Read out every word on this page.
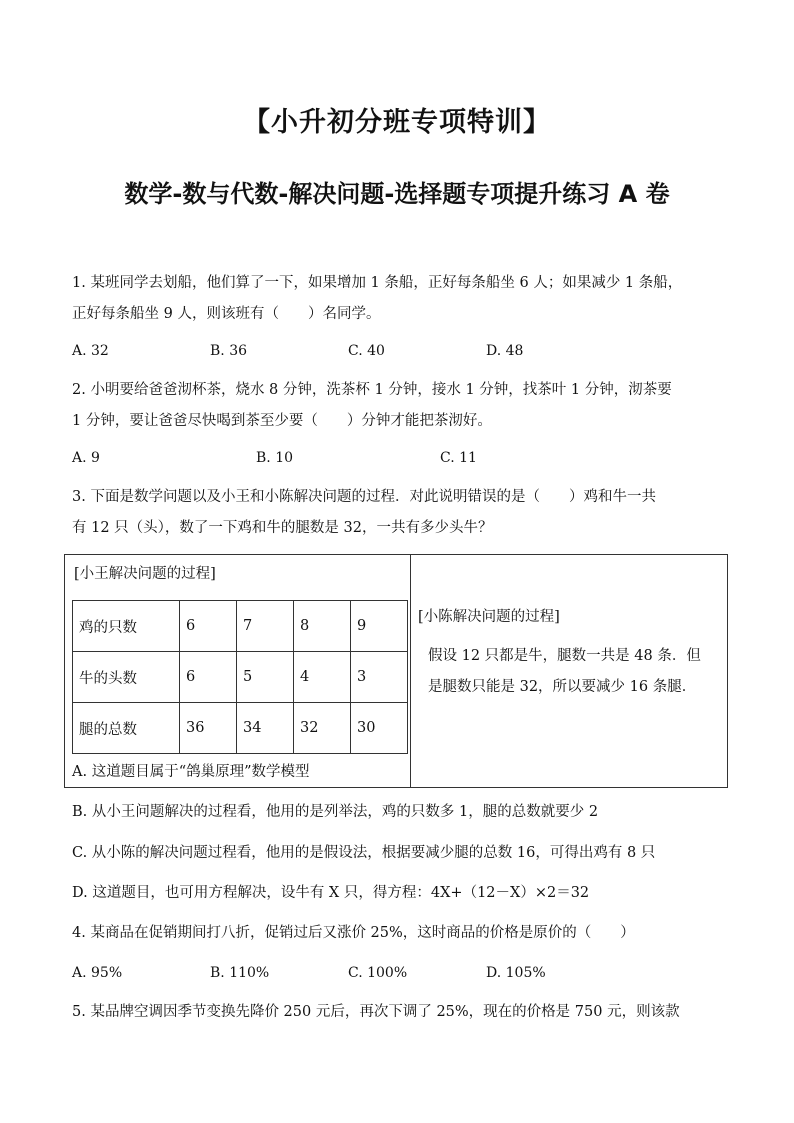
【小升初分班专项特训】
数学-数与代数-解决问题-选择题专项提升练习 A 卷
1. 某班同学去划船，他们算了一下，如果增加 1 条船，正好每条船坐 6 人；如果减少 1 条船，
正好每条船坐 9 人，则该班有（　　）名同学。
A. 32	B. 36	C. 40	D. 48
2. 小明要给爸爸沏杯茶，烧水 8 分钟，洗茶杯 1 分钟，接水 1 分钟，找茶叶 1 分钟，沏茶要
1 分钟，要让爸爸尽快喝到茶至少要（　　）分钟才能把茶沏好。
A. 9	B. 10	C. 11
3. 下面是数学问题以及小王和小陈解决问题的过程．对此说明错误的是（　　）鸡和牛一共
有 12 只（头），数了一下鸡和牛的腿数是 32，一共有多少头牛？
[小王解决问题的过程]
鸡的只数	6	7	8	9
牛的头数	6	5	4	3
腿的总数	36	34	32	30
[小陈解决问题的过程]
假设 12 只都是牛，腿数一共是 48 条．但
是腿数只能是 32，所以要减少 16 条腿．
A. 这道题目属于“鸽巢原理”数学模型
B. 从小王问题解决的过程看，他用的是列举法，鸡的只数多 1，腿的总数就要少 2
C. 从小陈的解决问题过程看，他用的是假设法，根据要减少腿的总数 16，可得出鸡有 8 只
D. 这道题目，也可用方程解决，设牛有 X 只，得方程：4X+（12－X）×2＝32
4. 某商品在促销期间打八折，促销过后又涨价 25%，这时商品的价格是原价的（　　）
A. 95%	B. 110%	C. 100%	D. 105%
5. 某品牌空调因季节变换先降价 250 元后，再次下调了 25%，现在的价格是 750 元，则该款
